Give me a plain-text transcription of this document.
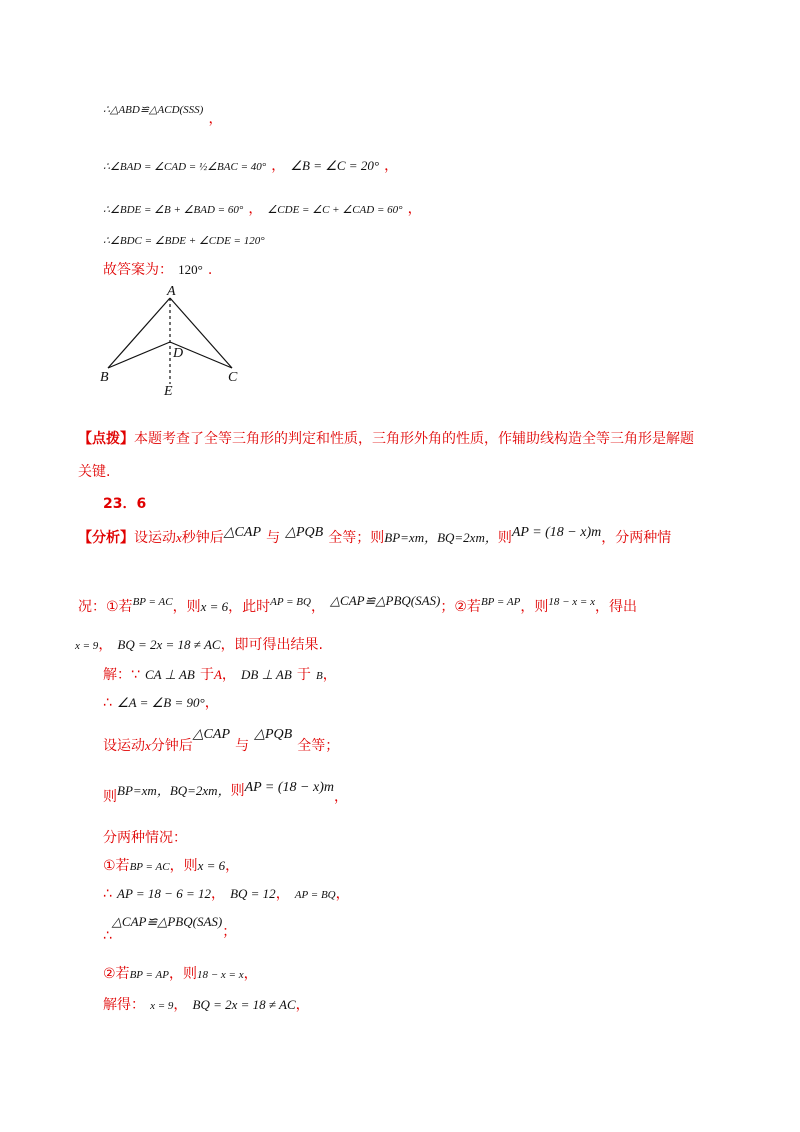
∴△ABD≌△ACD(SSS) ，
∴∠BAD = ∠CAD = ½∠BAC = 40° ， ∠B = ∠C = 20° ，
∴∠BDE = ∠B + ∠BAD = 60° ， ∠CDE = ∠C + ∠CAD = 60° ，
∴∠BDC = ∠BDE + ∠CDE = 120°
故答案为： 120° .
A
B	C
D
E
【点拨】本题考查了全等三角形的判定和性质，三角形外角的性质，作辅助线构造全等三角形是解题
关键.
23．6
【分析】设运动$_x$秒钟后△CAP 与 △PQB 全等；则$_{BP=xm,BQ=2xm,}$则AP = (18 − x)m，分两种情
况：①若BP = AC，则$_{x = 6}$，此时AP = BQ， △CAP≌△PBQ(SAS)；②若BP = AP，则18 − x = x，得出
x = 9， BQ = 2x = 18 ≠ AC，即可得出结果.
解：∵ CA ⊥ AB 于A， DB ⊥ AB 于 B，
∴ ∠A = ∠B = 90°，
设运动$_x$分钟后△CAP 与 △PQB 全等；
则$_{BP=xm,BQ=2xm,}$则AP = (18 − x)m，
分两种情况：
①若BP = AC，则x = 6，
∴ AP = 18 − 6 = 12， BQ = 12， AP = BQ，
∴△CAP≌△PBQ(SAS)；
②若BP = AP，则18 − x = x，
解得： x = 9， BQ = 2x = 18 ≠ AC，
